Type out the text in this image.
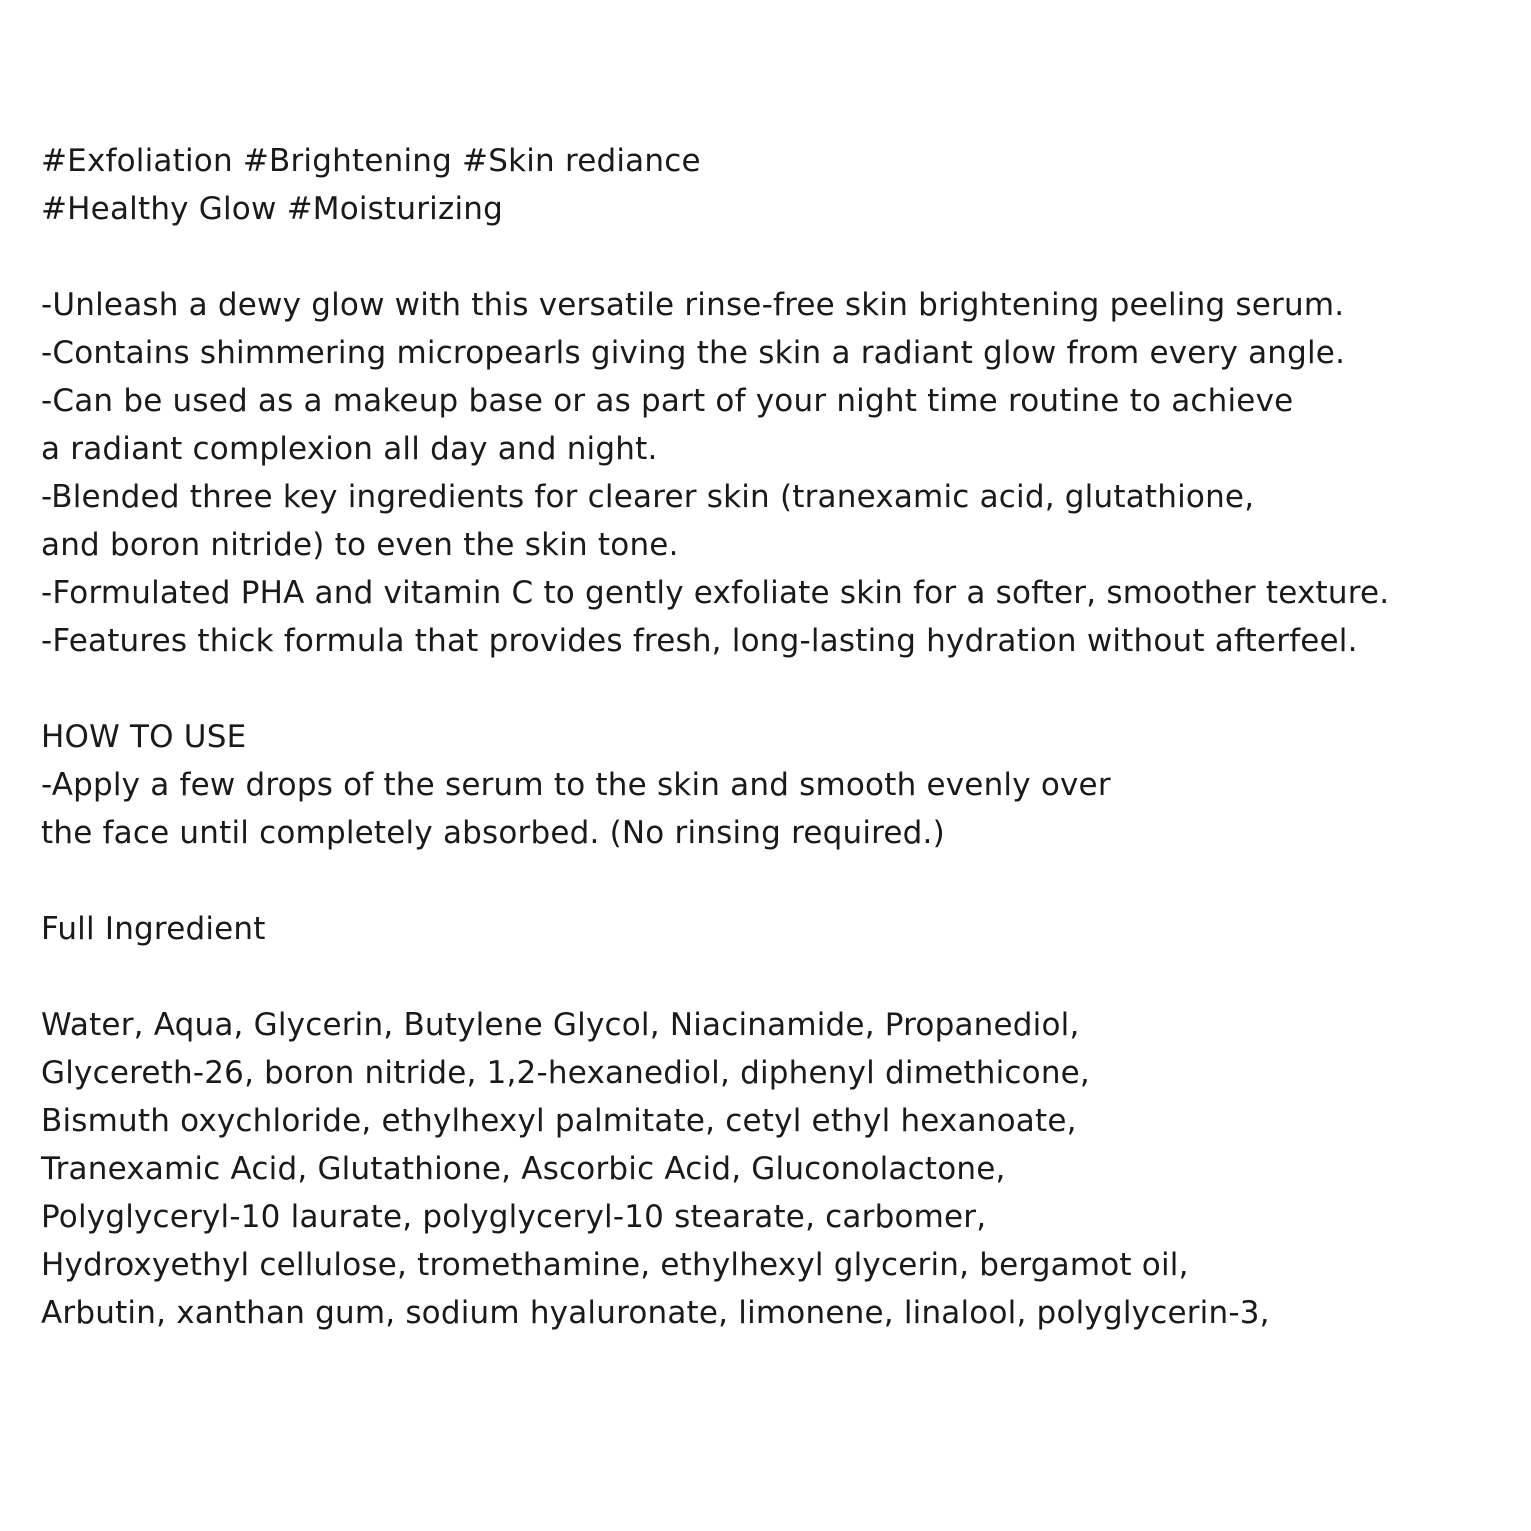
#Exfoliation #Brightening #Skin rediance
#Healthy Glow #Moisturizing
-Unleash a dewy glow with this versatile rinse-free skin brightening peeling serum.
-Contains shimmering micropearls giving the skin a radiant glow from every angle.
-Can be used as a makeup base or as part of your night time routine to achieve
a radiant complexion all day and night.
-Blended three key ingredients for clearer skin (tranexamic acid, glutathione,
and boron nitride) to even the skin tone.
-Formulated PHA and vitamin C to gently exfoliate skin for a softer, smoother texture.
-Features thick formula that provides fresh, long-lasting hydration without afterfeel.
HOW TO USE
-Apply a few drops of the serum to the skin and smooth evenly over
the face until completely absorbed. (No rinsing required.)
Full Ingredient
Water, Aqua, Glycerin, Butylene Glycol, Niacinamide, Propanediol,
Glycereth-26, boron nitride, 1,2-hexanediol, diphenyl dimethicone,
Bismuth oxychloride, ethylhexyl palmitate, cetyl ethyl hexanoate,
Tranexamic Acid, Glutathione, Ascorbic Acid, Gluconolactone,
Polyglyceryl-10 laurate, polyglyceryl-10 stearate, carbomer,
Hydroxyethyl cellulose, tromethamine, ethylhexyl glycerin, bergamot oil,
Arbutin, xanthan gum, sodium hyaluronate, limonene, linalool, polyglycerin-3,
